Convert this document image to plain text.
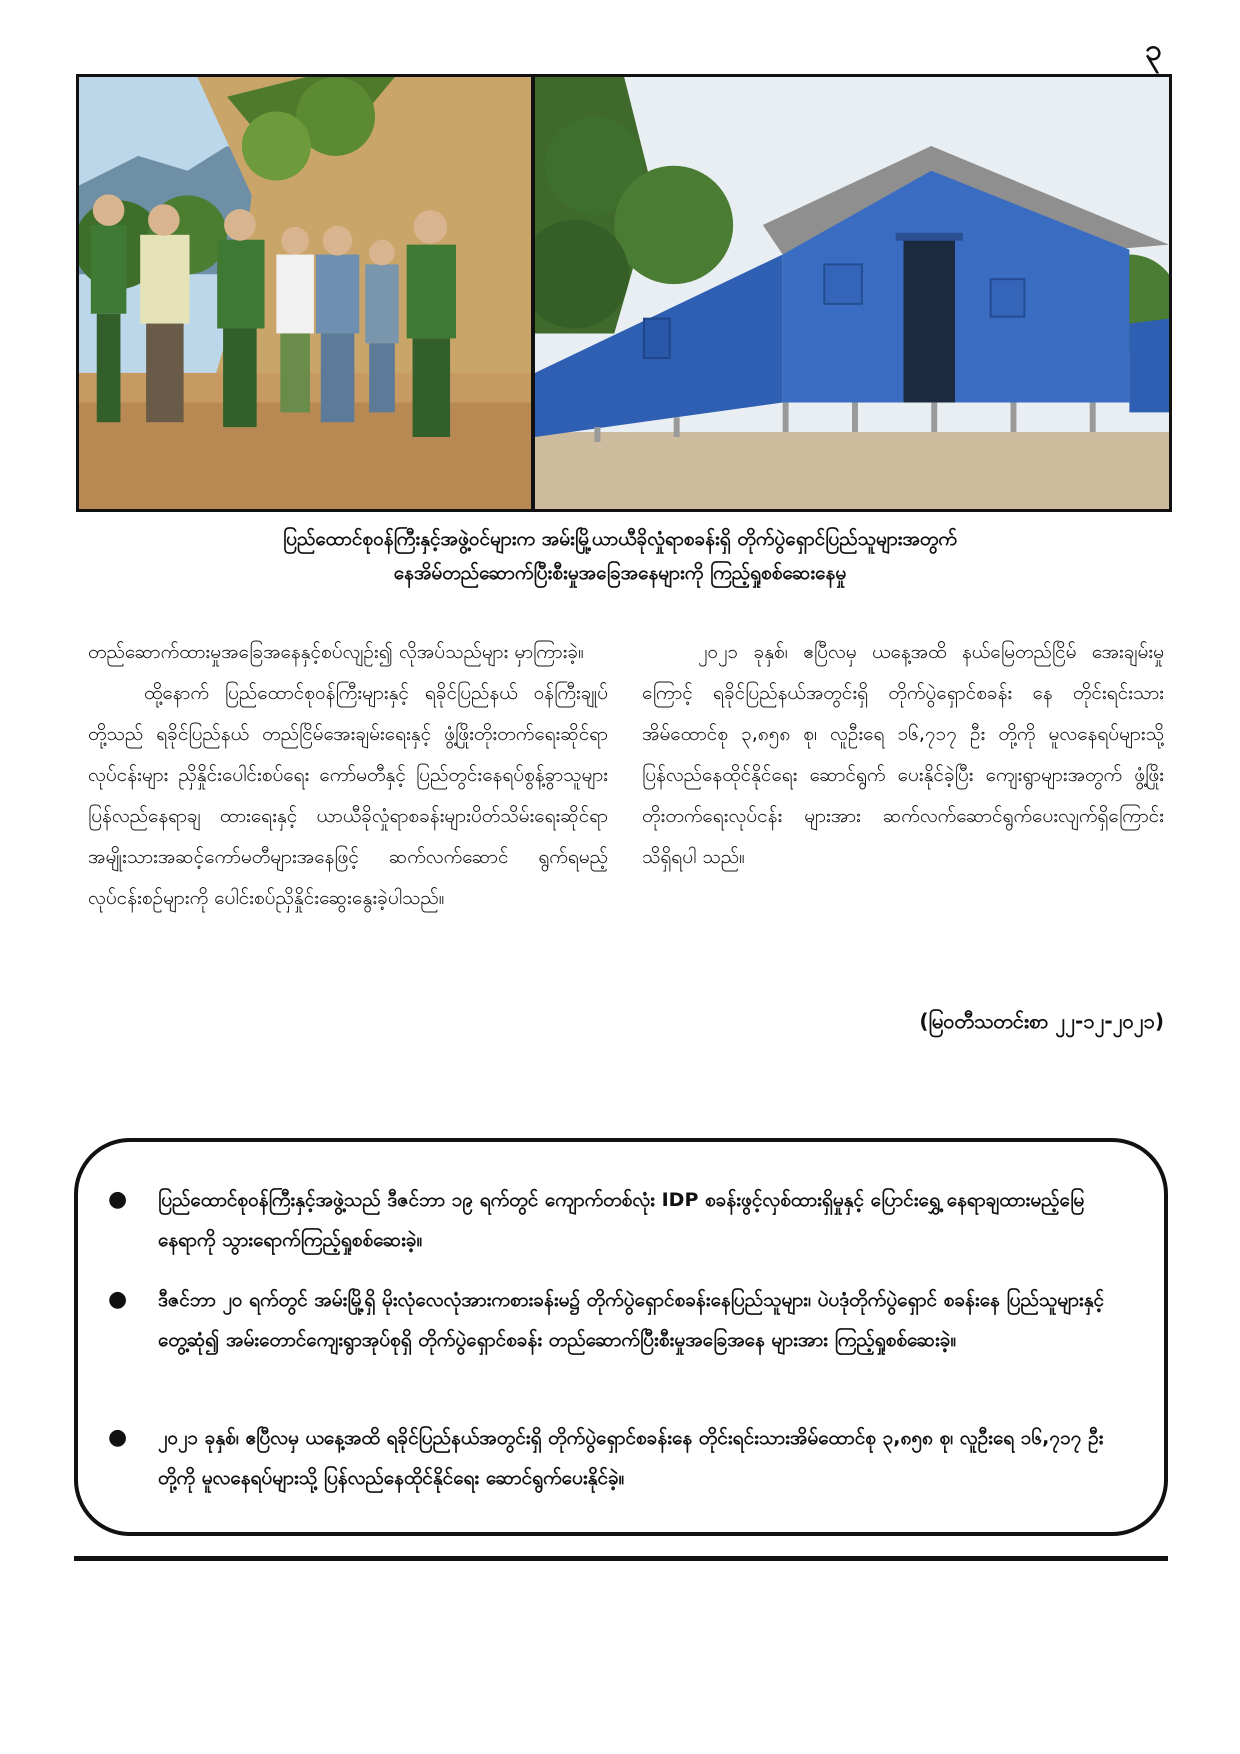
၃
ပြည်ထောင်စုဝန်ကြီးနှင့်အဖွဲ့ဝင်များက အမ်းမြို့ယာယီခိုလှုံရာစခန်းရှိ တိုက်ပွဲရှောင်ပြည်သူများအတွက်
နေအိမ်တည်ဆောက်ပြီးစီးမှုအခြေအနေများကို ကြည့်ရှုစစ်ဆေးနေမှု

တည်ဆောက်ထားမှုအခြေအနေနှင့်စပ်လျဉ်း၍ လိုအပ်သည်များ မှာကြားခဲ့။

ထို့နောက် ပြည်ထောင်စုဝန်ကြီးများနှင့် ရခိုင်ပြည်နယ် ဝန်ကြီးချုပ်တို့သည် ရခိုင်ပြည်နယ် တည်ငြိမ်အေးချမ်းရေးနှင့် ဖွံ့ဖြိုးတိုးတက်ရေးဆိုင်ရာလုပ်ငန်းများ ညှိနှိုင်းပေါင်းစပ်ရေး ကော်မတီနှင့် ပြည်တွင်းနေရပ်စွန့်ခွာသူများ ပြန်လည်နေရာချ ထားရေးနှင့် ယာယီခိုလှုံရာစခန်းများပိတ်သိမ်းရေးဆိုင်ရာ အမျိုးသားအဆင့်ကော်မတီများအနေဖြင့် ဆက်လက်ဆောင် ရွက်ရမည့်လုပ်ငန်းစဉ်များကို ပေါင်းစပ်ညှိနှိုင်းဆွေးနွေးခဲ့ပါသည်။

၂၀၂၁ ခုနှစ်၊ ဧပြီလမှ ယနေ့အထိ နယ်မြေတည်ငြိမ် အေးချမ်းမှုကြောင့် ရခိုင်ပြည်နယ်အတွင်းရှိ တိုက်ပွဲရှောင်စခန်း နေ တိုင်းရင်းသားအိမ်ထောင်စု ၃,၈၅၈ စု၊ လူဦးရေ ၁၆,၇၁၇ ဦး တို့ကို မူလနေရပ်များသို့ ပြန်လည်နေထိုင်နိုင်ရေး ဆောင်ရွက် ပေးနိုင်ခဲ့ပြီး ကျေးရွာများအတွက် ဖွံ့ဖြိုးတိုးတက်ရေးလုပ်ငန်း များအား ဆက်လက်ဆောင်ရွက်ပေးလျက်ရှိကြောင်း သိရှိရပါ သည်။

(မြဝတီသတင်းစာ ၂၂-၁၂-၂၀၂၁)
●	ပြည်ထောင်စုဝန်ကြီးနှင့်အဖွဲ့သည် ဒီဇင်ဘာ ၁၉ ရက်တွင် ကျောက်တစ်လုံး IDP စခန်းဖွင့်လှစ်ထားရှိမှုနှင့် ပြောင်းရွှေ့ နေရာချထားမည့်မြေနေရာကို သွားရောက်ကြည့်ရှုစစ်ဆေးခဲ့။
●	ဒီဇင်ဘာ ၂၀ ရက်တွင် အမ်းမြို့ရှိ မိုးလုံလေလုံအားကစားခန်းမ၌ တိုက်ပွဲရှောင်စခန်းနေပြည်သူများ၊ ပဲပဒုံတိုက်ပွဲရှောင် စခန်းနေ ပြည်သူများနှင့်တွေ့ဆုံ၍ အမ်းတောင်ကျေးရွာအုပ်စုရှိ တိုက်ပွဲရှောင်စခန်း တည်ဆောက်ပြီးစီးမှုအခြေအနေ များအား ကြည့်ရှုစစ်ဆေးခဲ့။
●	၂၀၂၁ ခုနှစ်၊ ဧပြီလမှ ယနေ့အထိ ရခိုင်ပြည်နယ်အတွင်းရှိ တိုက်ပွဲရှောင်စခန်းနေ တိုင်းရင်းသားအိမ်ထောင်စု ၃,၈၅၈ စု၊ လူဦးရေ ၁၆,၇၁၇ ဦးတို့ကို မူလနေရပ်များသို့ ပြန်လည်နေထိုင်နိုင်ရေး ဆောင်ရွက်ပေးနိုင်ခဲ့။
